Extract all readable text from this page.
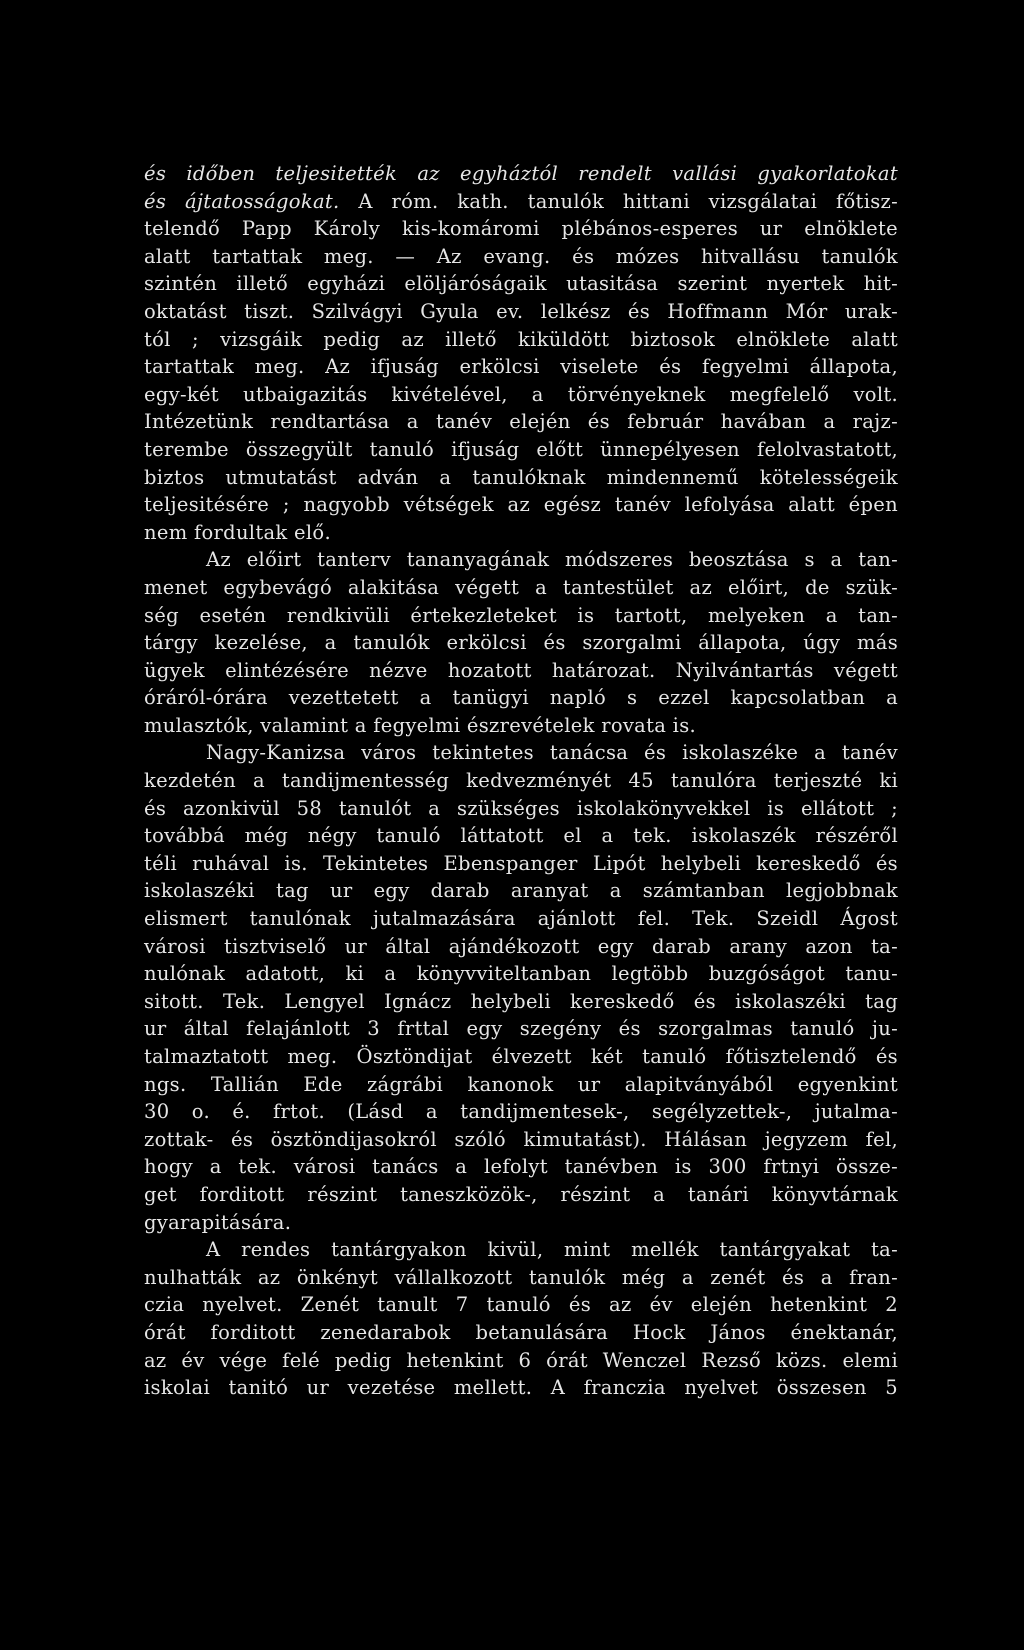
és időben teljesitették az egyháztól rendelt vallási gyakorlatokat
és ájtatosságokat. A róm. kath. tanulók hittani vizsgálatai főtisz-
telendő Papp Károly kis-komáromi plébános-esperes ur elnöklete
alatt tartattak meg. — Az evang. és mózes hitvallásu tanulók
szintén illető egyházi elöljáróságaik utasitása szerint nyertek hit-
oktatást tiszt. Szilvágyi Gyula ev. lelkész és Hoffmann Mór urak-
tól ; vizsgáik pedig az illető kiküldött biztosok elnöklete alatt
tartattak meg. Az ifjuság erkölcsi viselete és fegyelmi állapota,
egy-két utbaigazitás kivételével, a törvényeknek megfelelő volt.
Intézetünk rendtartása a tanév elején és február havában a rajz-
terembe összegyült tanuló ifjuság előtt ünnepélyesen felolvastatott,
biztos utmutatást adván a tanulóknak mindennemű kötelességeik
teljesitésére ; nagyobb vétségek az egész tanév lefolyása alatt épen
nem fordultak elő.
Az előirt tanterv tananyagának módszeres beosztása s a tan-
menet egybevágó alakitása végett a tantestület az előirt, de szük-
ség esetén rendkivüli értekezleteket is tartott, melyeken a tan-
tárgy kezelése, a tanulók erkölcsi és szorgalmi állapota, úgy más
ügyek elintézésére nézve hozatott határozat. Nyilvántartás végett
óráról-órára vezettetett a tanügyi napló s ezzel kapcsolatban a
mulasztók, valamint a fegyelmi észrevételek rovata is.
Nagy-Kanizsa város tekintetes tanácsa és iskolaszéke a tanév
kezdetén a tandijmentesség kedvezményét 45 tanulóra terjeszté ki
és azonkivül 58 tanulót a szükséges iskolakönyvekkel is ellátott ;
továbbá még négy tanuló láttatott el a tek. iskolaszék részéről
téli ruhával is. Tekintetes Ebenspanger Lipót helybeli kereskedő és
iskolaszéki tag ur egy darab aranyat a számtanban legjobbnak
elismert tanulónak jutalmazására ajánlott fel. Tek. Szeidl Ágost
városi tisztviselő ur által ajándékozott egy darab arany azon ta-
nulónak adatott, ki a könyvviteltanban legtöbb buzgóságot tanu-
sitott. Tek. Lengyel Ignácz helybeli kereskedő és iskolaszéki tag
ur által felajánlott 3 frttal egy szegény és szorgalmas tanuló ju-
talmaztatott meg. Ösztöndijat élvezett két tanuló főtisztelendő és
ngs. Tallián Ede zágrábi kanonok ur alapitványából egyenkint
30 o. é. frtot. (Lásd a tandijmentesek-, segélyzettek-, jutalma-
zottak- és ösztöndijasokról szóló kimutatást). Hálásan jegyzem fel,
hogy a tek. városi tanács a lefolyt tanévben is 300 frtnyi össze-
get forditott részint taneszközök-, részint a tanári könyvtárnak
gyarapitására.
A rendes tantárgyakon kivül, mint mellék tantárgyakat ta-
nulhatták az önkényt vállalkozott tanulók még a zenét és a fran-
czia nyelvet. Zenét tanult 7 tanuló és az év elején hetenkint 2
órát forditott zenedarabok betanulására Hock János énektanár,
az év vége felé pedig hetenkint 6 órát Wenczel Rezső közs. elemi
iskolai tanitó ur vezetése mellett. A franczia nyelvet összesen 5
